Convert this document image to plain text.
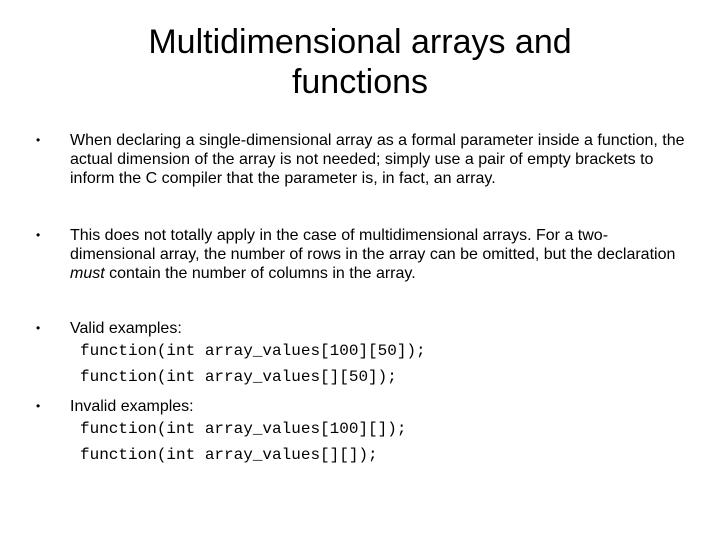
Multidimensional arrays and
functions
•	When declaring a single-dimensional array as a formal parameter inside a function, the actual dimension of the array is not needed; simply use a pair of empty brackets to inform the C compiler that the parameter is, in fact, an array.
•	This does not totally apply in the case of multidimensional arrays. For a two-dimensional array, the number of rows in the array can be omitted, but the declaration must contain the number of columns in the array.
•	Valid examples:
function(int array_values[100][50]);
function(int array_values[][50]);
•	Invalid examples:
function(int array_values[100][]);
function(int array_values[][]);
